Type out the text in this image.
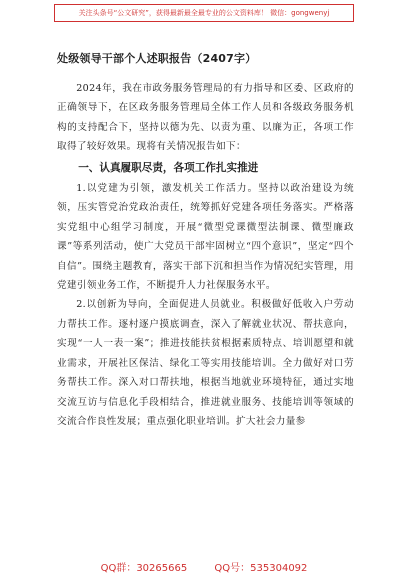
关注头条号“公文研究”，获得最新最全最专业的公文资料库！ 微信：gongwenyj
处级领导干部个人述职报告（2407字）

2024年，我在市政务服务管理局的有力指导和区委、区政府的正确领导下，在区政务服务管理局全体工作人员和各级政务服务机构的支持配合下，坚持以德为先、以责为重、以廉为正，各项工作取得了较好效果。现将有关情况报告如下：

一、认真履职尽责，各项工作扎实推进

1.以党建为引领，激发机关工作活力。坚持以政治建设为统领，压实管党治党政治责任，统筹抓好党建各项任务落实。严格落实党组中心组学习制度，开展“微型党课微型法制课、微型廉政课”等系列活动，使广大党员干部牢固树立“四个意识”，坚定“四个自信”。围绕主题教育，落实干部下沉和担当作为情况纪实管理，用党建引领业务工作，不断提升人力社保服务水平。

2.以创新为导向，全面促进人员就业。积极做好低收入户劳动力帮扶工作。逐村逐户摸底调查，深入了解就业状况、帮扶意向，实现“一人一表一案”；推进技能扶贫根据素质特点、培训愿望和就业需求，开展社区保洁、绿化工等实用技能培训。全力做好对口劳务帮扶工作。深入对口帮扶地，根据当地就业环境特征，通过实地交流互访与信息化手段相结合，推进就业服务、技能培训等领域的交流合作良性发展；重点强化职业培训。扩大社会力量参

QQ群：30265665	QQ号：535304092
